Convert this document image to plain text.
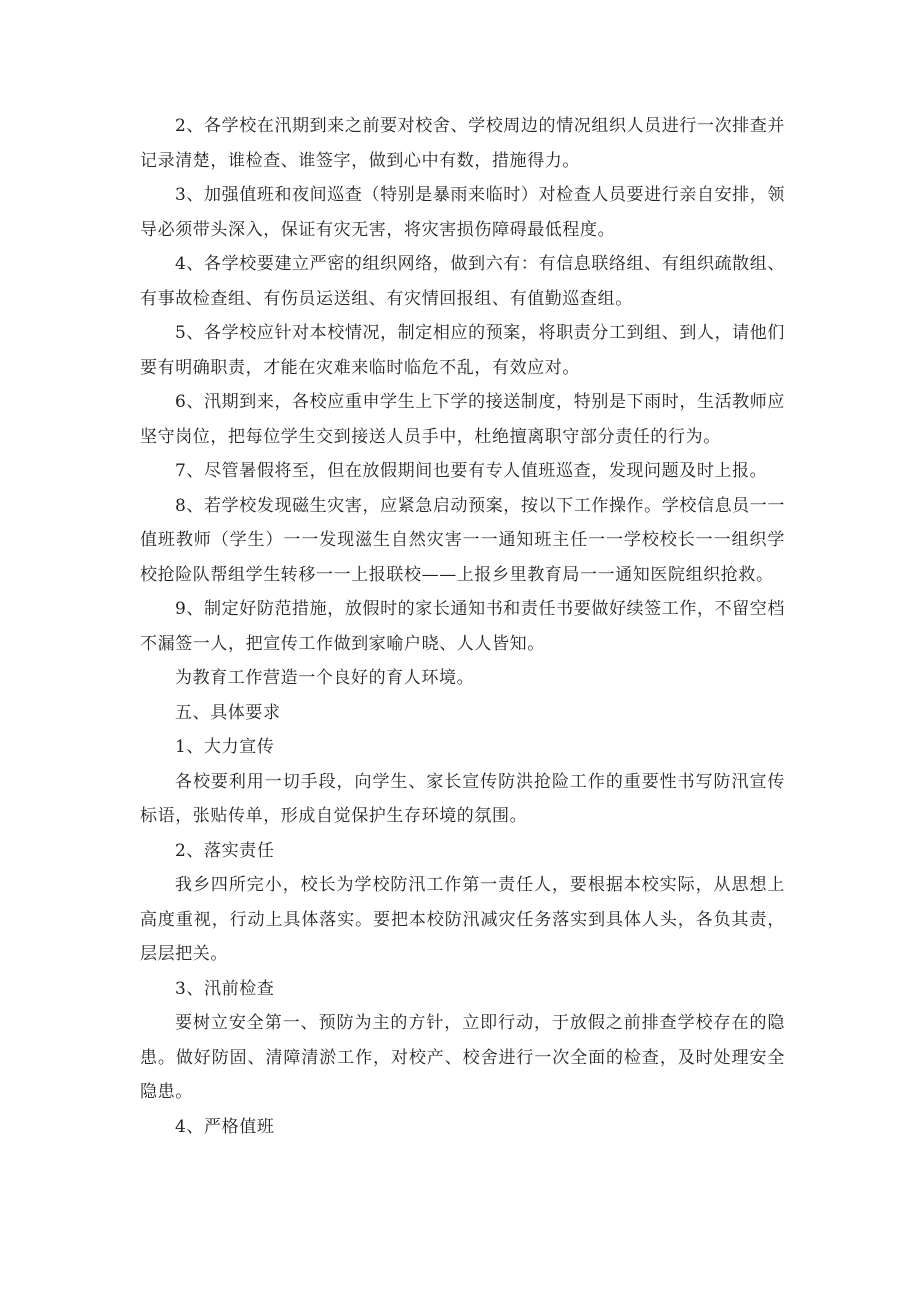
2、各学校在汛期到来之前要对校舍、学校周边的情况组织人员进行一次排查并记录清楚，谁检查、谁签字，做到心中有数，措施得力。

3、加强值班和夜间巡查（特别是暴雨来临时）对检查人员要进行亲自安排，领导必须带头深入，保证有灾无害，将灾害损伤障碍最低程度。

4、各学校要建立严密的组织网络，做到六有：有信息联络组、有组织疏散组、有事故检查组、有伤员运送组、有灾情回报组、有值勤巡查组。

5、各学校应针对本校情况，制定相应的预案，将职责分工到组、到人，请他们要有明确职责，才能在灾难来临时临危不乱，有效应对。

6、汛期到来，各校应重申学生上下学的接送制度，特别是下雨时，生活教师应坚守岗位，把每位学生交到接送人员手中，杜绝擅离职守部分责任的行为。

7、尽管暑假将至，但在放假期间也要有专人值班巡查，发现问题及时上报。

8、若学校发现磁生灾害，应紧急启动预案，按以下工作操作。学校信息员一一值班教师（学生）一一发现滋生自然灾害一一通知班主任一一学校校长一一组织学校抢险队帮组学生转移一一上报联校——上报乡里教育局一一通知医院组织抢救。

9、制定好防范措施，放假时的家长通知书和责任书要做好续签工作，不留空档不漏签一人，把宣传工作做到家喻户晓、人人皆知。

为教育工作营造一个良好的育人环境。

五、具体要求

1、大力宣传

各校要利用一切手段，向学生、家长宣传防洪抢险工作的重要性书写防汛宣传标语，张贴传单，形成自觉保护生存环境的氛围。

2、落实责任

我乡四所完小，校长为学校防汛工作第一责任人，要根据本校实际，从思想上高度重视，行动上具体落实。要把本校防汛减灾任务落实到具体人头，各负其责，层层把关。

3、汛前检查

要树立安全第一、预防为主的方针，立即行动，于放假之前排查学校存在的隐患。做好防固、清障清淤工作，对校产、校舍进行一次全面的检查，及时处理安全隐患。

4、严格值班
